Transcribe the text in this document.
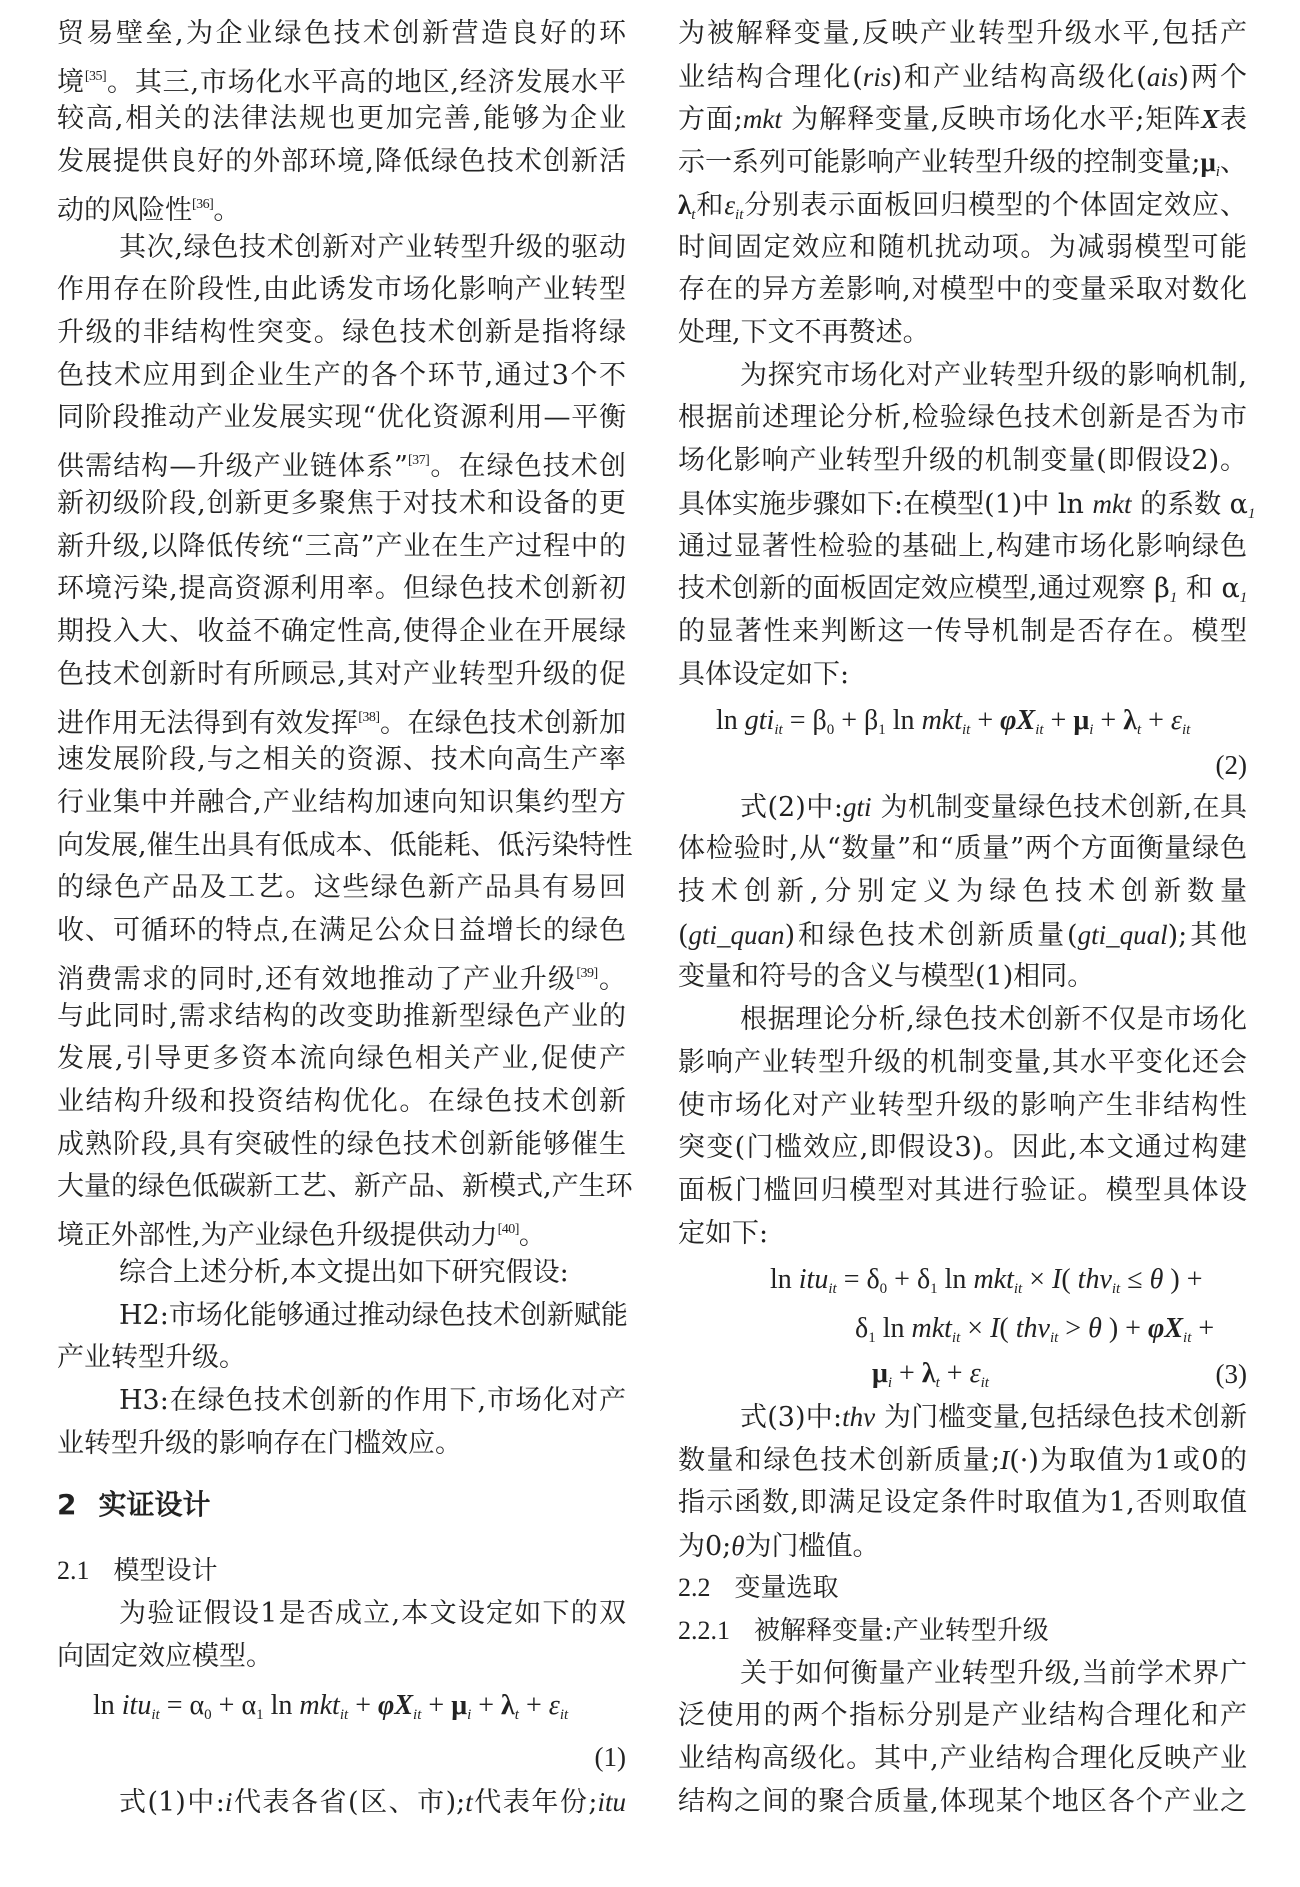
贸易壁垒,为企业绿色技术创新营造良好的环
境[35]。其三,市场化水平高的地区,经济发展水平
较高,相关的法律法规也更加完善,能够为企业
发展提供良好的外部环境,降低绿色技术创新活
动的风险性[36]。
其次,绿色技术创新对产业转型升级的驱动
作用存在阶段性,由此诱发市场化影响产业转型
升级的非结构性突变。绿色技术创新是指将绿
色技术应用到企业生产的各个环节,通过3个不
同阶段推动产业发展实现“优化资源利用—平衡
供需结构—升级产业链体系”[37]。在绿色技术创
新初级阶段,创新更多聚焦于对技术和设备的更
新升级,以降低传统“三高”产业在生产过程中的
环境污染,提高资源利用率。但绿色技术创新初
期投入大、收益不确定性高,使得企业在开展绿
色技术创新时有所顾忌,其对产业转型升级的促
进作用无法得到有效发挥[38]。在绿色技术创新加
速发展阶段,与之相关的资源、技术向高生产率
行业集中并融合,产业结构加速向知识集约型方
向发展,催生出具有低成本、低能耗、低污染特性
的绿色产品及工艺。这些绿色新产品具有易回
收、可循环的特点,在满足公众日益增长的绿色
消费需求的同时,还有效地推动了产业升级[39]。
与此同时,需求结构的改变助推新型绿色产业的
发展,引导更多资本流向绿色相关产业,促使产
业结构升级和投资结构优化。在绿色技术创新
成熟阶段,具有突破性的绿色技术创新能够催生
大量的绿色低碳新工艺、新产品、新模式,产生环
境正外部性,为产业绿色升级提供动力[40]。
综合上述分析,本文提出如下研究假设:
H2:市场化能够通过推动绿色技术创新赋能
产业转型升级。
H3:在绿色技术创新的作用下,市场化对产
业转型升级的影响存在门槛效应。
2 实证设计
2.1 模型设计
为验证假设1是否成立,本文设定如下的双
向固定效应模型。
$\ln itu_{it} = \alpha_0 + \alpha_1$ $\ln mkt_{it} + \varphi X_{it} + \mu_i + \lambda_t + \varepsilon_{it}$
(1)
式(1)中:i代表各省(区、市);t代表年份;itu
为被解释变量,反映产业转型升级水平,包括产
业结构合理化(ris)和产业结构高级化(ais)两个
方面;mkt 为解释变量,反映市场化水平;矩阵X表
示一系列可能影响产业转型升级的控制变量$;\mu_i$、
$\lambda_t$和$\varepsilon_{it}$分别表示面板回归模型的个体固定效应、
时间固定效应和随机扰动项。为减弱模型可能
存在的异方差影响,对模型中的变量采取对数化
处理,下文不再赘述。
为探究市场化对产业转型升级的影响机制,
根据前述理论分析,检验绿色技术创新是否为市
场化影响产业转型升级的机制变量(即假设2)。
具体实施步骤如下:在模型(1)中 ln mkt 的系数 $\alpha_1$
通过显著性检验的基础上,构建市场化影响绿色
技术创新的面板固定效应模型,通过观察 $\beta_1$ 和 $\alpha_1$
的显著性来判断这一传导机制是否存在。模型
具体设定如下:
$\ln gti_{it} = \beta_0 + \beta_1$ $\ln mkt_{it} + \varphi X_{it} + \mu_i + \lambda_t + \varepsilon_{it}$
(2)
式(2)中:gti 为机制变量绿色技术创新,在具
体检验时,从“数量”和“质量”两个方面衡量绿色
技术创新,分别定义为绿色技术创新数量
(gti_quan)和绿色技术创新质量(gti_qual);其他
变量和符号的含义与模型(1)相同。
根据理论分析,绿色技术创新不仅是市场化
影响产业转型升级的机制变量,其水平变化还会
使市场化对产业转型升级的影响产生非结构性
突变(门槛效应,即假设3)。因此,本文通过构建
面板门槛回归模型对其进行验证。模型具体设
定如下:
$\ln itu_{it} = \delta_0 + \delta_1$ ln mkt$_{it}$ × I( thv$_{it}$ ≤ θ ) +
$\delta_1$ ln mkt$_{it}$ × I( thv$_{it}$ > θ ) + $\varphi X_{it}$ +
$\mu_i + \lambda_t + \varepsilon_{it}$	(3)
式(3)中:thv 为门槛变量,包括绿色技术创新
数量和绿色技术创新质量;I(·)为取值为1或0的
指示函数,即满足设定条件时取值为1,否则取值
为0;θ为门槛值。
2.2 变量选取
2.2.1 被解释变量:产业转型升级
关于如何衡量产业转型升级,当前学术界广
泛使用的两个指标分别是产业结构合理化和产
业结构高级化。其中,产业结构合理化反映产业
结构之间的聚合质量,体现某个地区各个产业之
